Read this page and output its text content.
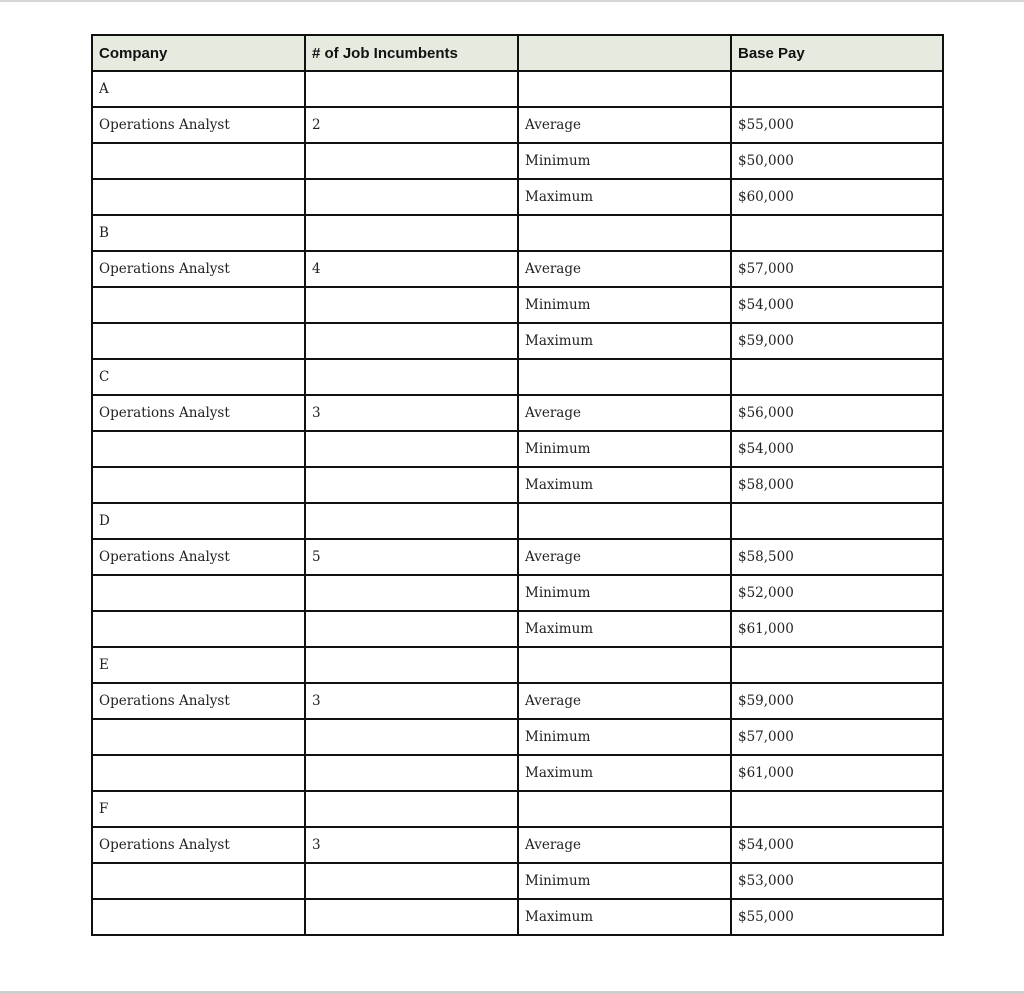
Company	# of Job Incumbents		Base Pay
A			
Operations Analyst	2	Average	$55,000
		Minimum	$50,000
		Maximum	$60,000
B			
Operations Analyst	4	Average	$57,000
		Minimum	$54,000
		Maximum	$59,000
C			
Operations Analyst	3	Average	$56,000
		Minimum	$54,000
		Maximum	$58,000
D			
Operations Analyst	5	Average	$58,500
		Minimum	$52,000
		Maximum	$61,000
E			
Operations Analyst	3	Average	$59,000
		Minimum	$57,000
		Maximum	$61,000
F			
Operations Analyst	3	Average	$54,000
		Minimum	$53,000
		Maximum	$55,000
